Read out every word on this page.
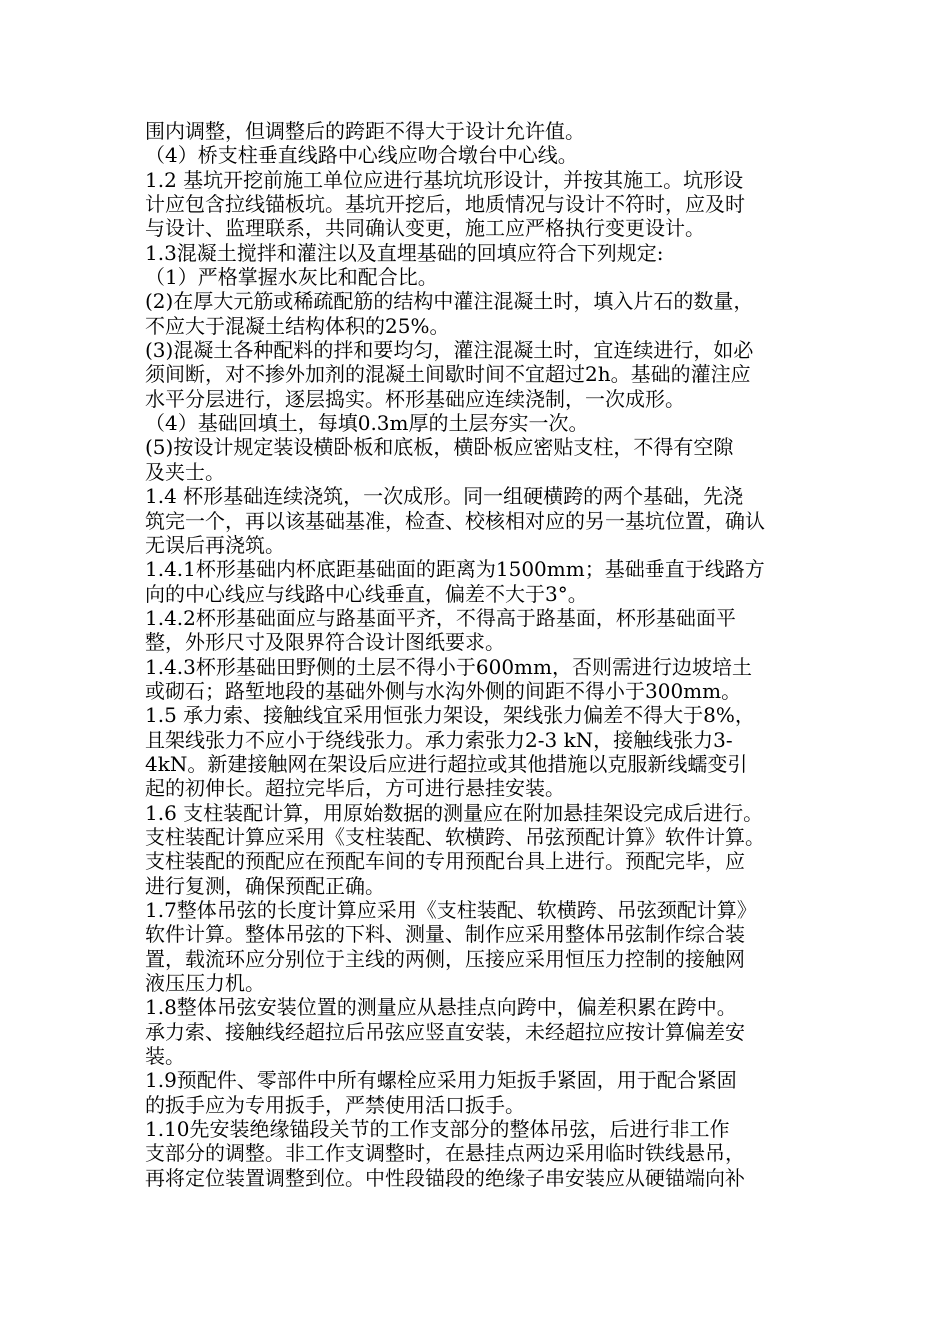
围内调整，但调整后的跨距不得大于设计允许值。
（4）桥支柱垂直线路中心线应吻合墩台中心线。
1.2 基坑开挖前施工单位应进行基坑坑形设计，并按其施工。坑形设
计应包含拉线锚板坑。基坑开挖后，地质情况与设计不符时，应及时
与设计、监理联系，共同确认变更，施工应严格执行变更设计。
1.3混凝土搅拌和灌注以及直埋基础的回填应符合下列规定:
（1）严格掌握水灰比和配合比。
(2)在厚大元筋或稀疏配筋的结构中灌注混凝土时，填入片石的数量，
不应大于混凝土结构体积的25%。
(3)混凝土各种配料的拌和要均匀，灌注混凝土时，宜连续进行，如必
须间断，对不掺外加剂的混凝土间歇时间不宜超过2h。基础的灌注应
水平分层进行，逐层捣实。杯形基础应连续浇制，一次成形。
（4）基础回填土，每填0.3m厚的土层夯实一次。
(5)按设计规定装设横卧板和底板，横卧板应密贴支柱，不得有空隙
及夹士。
1.4 杯形基础连续浇筑，一次成形。同一组硬横跨的两个基础，先浇
筑完一个，再以该基础基准，检查、校核相对应的另一基坑位置，确认
无误后再浇筑。
1.4.1杯形基础内杯底距基础面的距离为1500mm；基础垂直于线路方
向的中心线应与线路中心线垂直，偏差不大于3°。
1.4.2杯形基础面应与路基面平齐，不得高于路基面，杯形基础面平
整，外形尺寸及限界符合设计图纸要求。
1.4.3杯形基础田野侧的土层不得小于600mm，否则需进行边坡培土
或砌石；路堑地段的基础外侧与水沟外侧的间距不得小于300mm。
1.5 承力索、接触线宜采用恒张力架设，架线张力偏差不得大于8%，
且架线张力不应小于绕线张力。承力索张力2-3 kN，接触线张力3-
4kN。新建接触网在架设后应进行超拉或其他措施以克服新线蠕变引
起的初伸长。超拉完毕后，方可进行悬挂安装。
1.6 支柱装配计算，用原始数据的测量应在附加悬挂架设完成后进行。
支柱装配计算应采用《支柱装配、软横跨、吊弦预配计算》软件计算。
支柱装配的预配应在预配车间的专用预配台具上进行。预配完毕，应
进行复测，确保预配正确。
1.7整体吊弦的长度计算应采用《支柱装配、软横跨、吊弦颈配计算》
软件计算。整体吊弦的下料、测量、制作应采用整体吊弦制作综合装
置，载流环应分别位于主线的两侧，压接应采用恒压力控制的接触网
液压压力机。
1.8整体吊弦安装位置的测量应从悬挂点向跨中，偏差积累在跨中。
承力索、接触线经超拉后吊弦应竖直安装，未经超拉应按计算偏差安
装。
1.9预配件、零部件中所有螺栓应采用力矩扳手紧固，用于配合紧固
的扳手应为专用扳手，严禁使用活口扳手。
1.10先安装绝缘锚段关节的工作支部分的整体吊弦，后进行非工作
支部分的调整。非工作支调整时，在悬挂点两边采用临时铁线悬吊，
再将定位装置调整到位。中性段锚段的绝缘子串安装应从硬锚端向补
